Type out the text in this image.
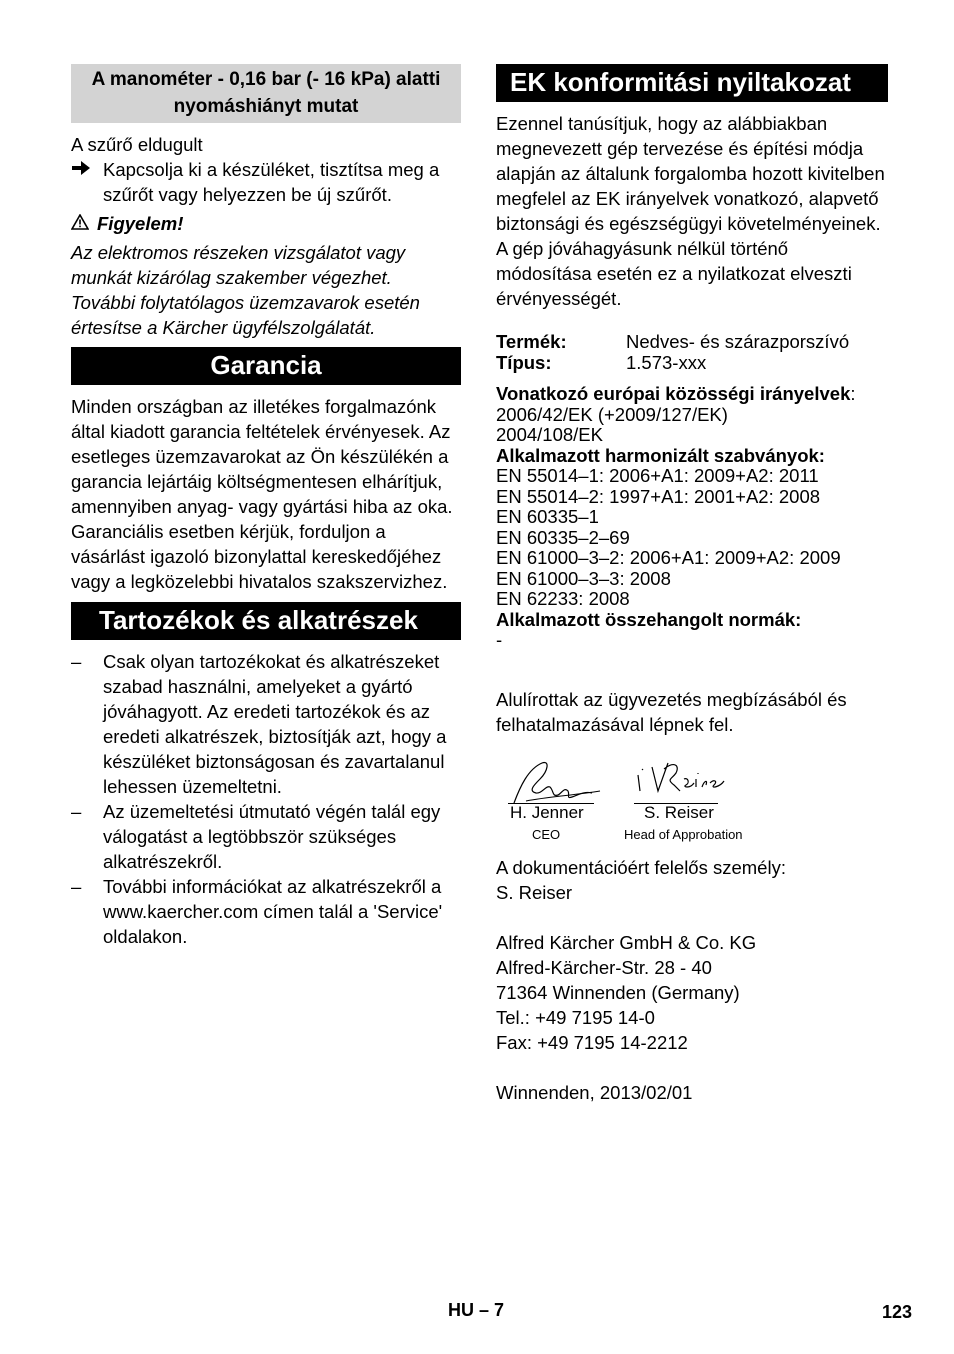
A manométer - 0,16 bar (- 16 kPa) alatti nyomáshiányt mutat

A szűrő eldugult

Kapcsolja ki a készüléket, tisztítsa meg a szűrőt vagy helyezzen be új szűrőt.
Figyelem!

Az elektromos részeken vizsgálatot vagy munkát kizárólag szakember végezhet. További folytatólagos üzemzavarok esetén értesítse a Kärcher ügyfélszolgálatát.

Garancia

Minden országban az illetékes forgalmazónk által kiadott garancia feltételek érvényesek. Az esetleges üzemzavarokat az Ön készülékén a garancia lejártáig költségmentesen elhárítjuk, amennyiben anyag- vagy gyártási hiba az oka. Garanciális esetben kérjük, forduljon a vásárlást igazoló bizonylattal kereskedőjéhez vagy a legközelebbi hivatalos szakszervizhez.

Tartozékok és alkatrészek
– Csak olyan tartozékokat és alkatrészeket szabad használni, amelyeket a gyártó jóváhagyott. Az eredeti tartozékok és az eredeti alkatrészek, biztosítják azt, hogy a készüléket biztonságosan és zavartalanul lehessen üzemeltetni.
– Az üzemeltetési útmutató végén talál egy válogatást a legtöbbször szükséges alkatrészekről.
– További információkat az alkatrészekről a www.kaercher.com címen talál a 'Service' oldalakon.
EK konformitási nyiltakozat

Ezennel tanúsítjuk, hogy az alábbiakban megnevezett gép tervezése és építési módja alapján az általunk forgalomba hozott kivitelben megfelel az EK irányelvek vonatkozó, alapvető biztonsági és egészségügyi követelményeinek. A gép jóváhagyásunk nélkül történő módosítása esetén ez a nyilatkozat elveszti érvényességét.

Termék:	Nedves- és szárazporszívó
Típus:	1.573-xxx
Vonatkozó európai közösségi irányelvek:
2006/42/EK (+2009/127/EK)
2004/108/EK
Alkalmazott harmonizált szabványok:
EN 55014–1: 2006+A1: 2009+A2: 2011
EN 55014–2: 1997+A1: 2001+A2: 2008
EN 60335–1
EN 60335–2–69
EN 61000–3–2: 2006+A1: 2009+A2: 2009
EN 61000–3–3: 2008
EN 62233: 2008
Alkalmazott összehangolt normák:
-

Alulírottak az ügyvezetés megbízásából és felhatalmazásával lépnek fel.

H. Jenner
CEO
S. Reiser
Head of Approbation

A dokumentációért felelős személy:

S. Reiser

Alfred Kärcher GmbH & Co. KG

Alfred-Kärcher-Str. 28 - 40

71364 Winnenden (Germany)

Tel.: +49 7195 14-0

Fax: +49 7195 14-2212

Winnenden, 2013/02/01

HU – 7	123
